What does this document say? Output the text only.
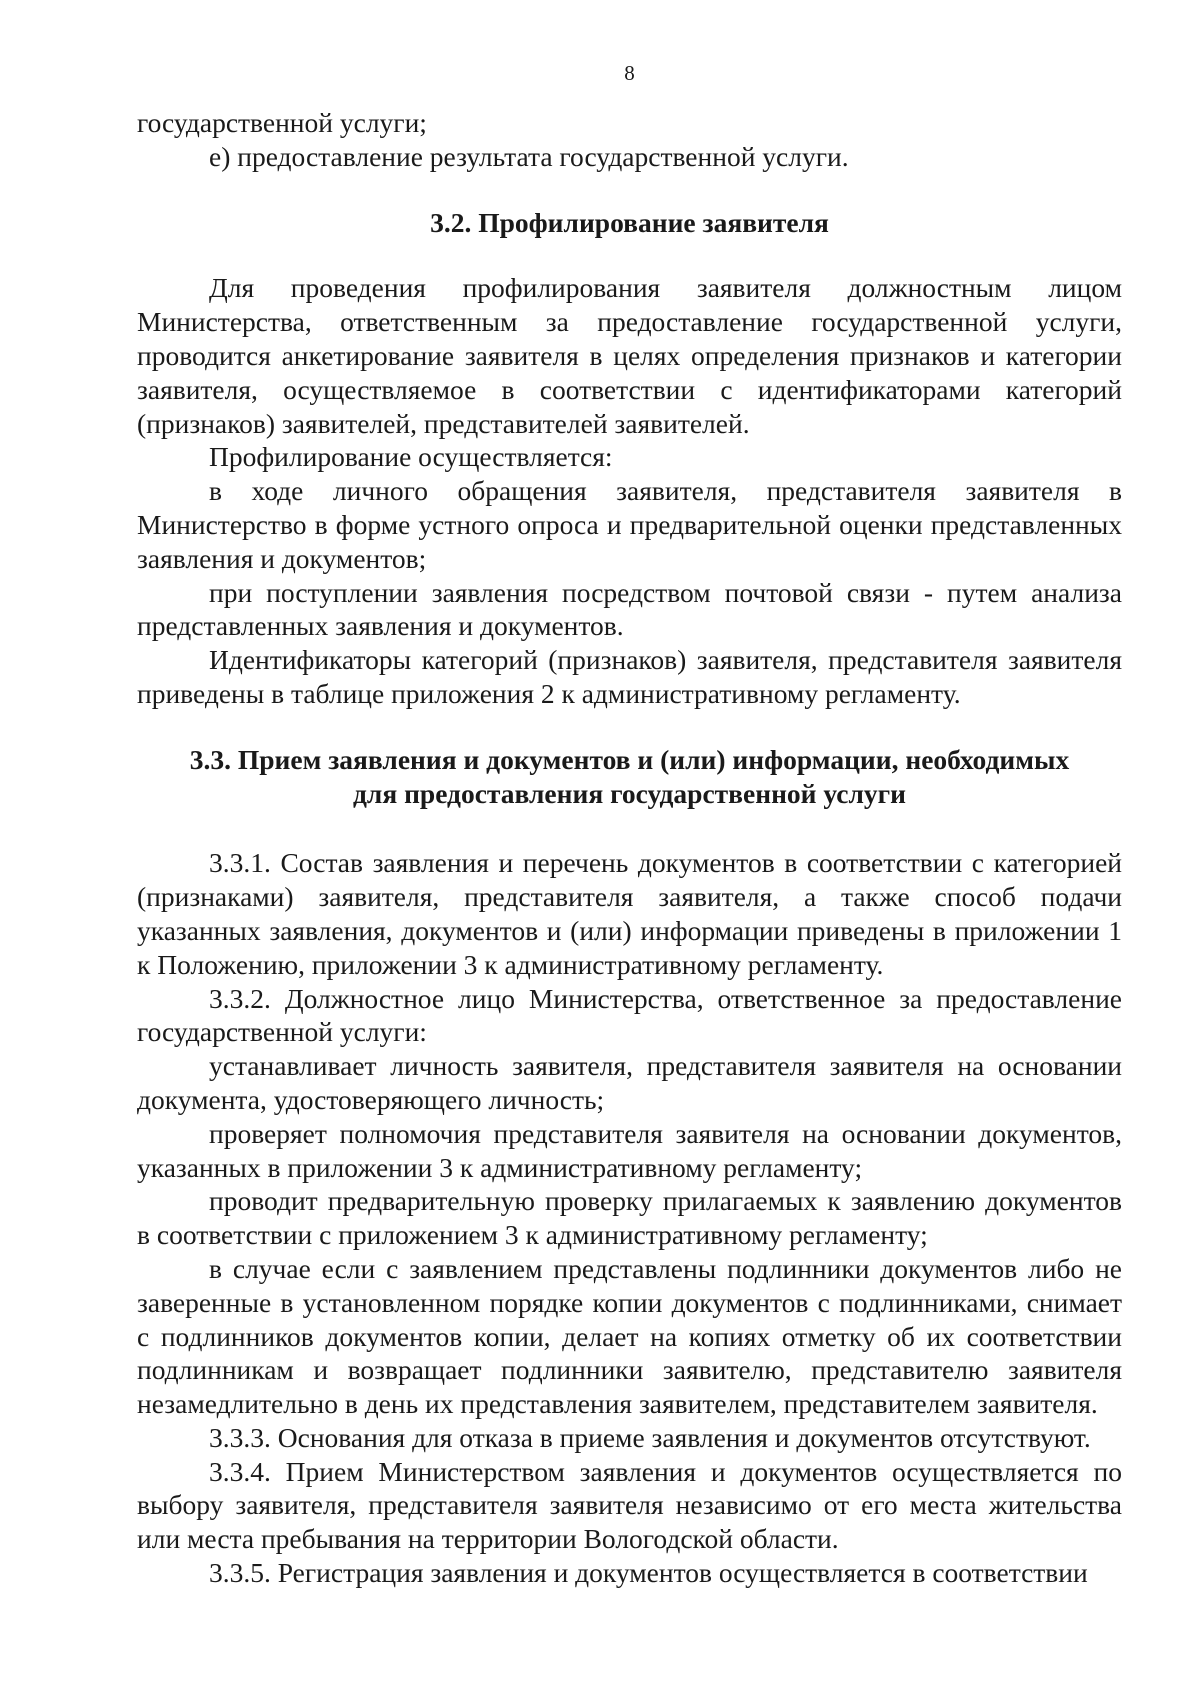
8

государственной услуги;

е) предоставление результата государственной услуги.

3.2. Профилирование заявителя

Для проведения профилирования заявителя должностным лицом Министерства, ответственным за предоставление государственной услуги, проводится анкетирование заявителя в целях определения признаков и категории заявителя, осуществляемое в соответствии с идентификаторами категорий (признаков) заявителей, представителей заявителей.

Профилирование осуществляется:

в ходе личного обращения заявителя, представителя заявителя в Министерство в форме устного опроса и предварительной оценки представленных заявления и документов;

при поступлении заявления посредством почтовой связи - путем анализа представленных заявления и документов.

Идентификаторы категорий (признаков) заявителя, представителя заявителя приведены в таблице приложения 2 к административному регламенту.

3.3. Прием заявления и документов и (или) информации, необходимых
для предоставления государственной услуги

3.3.1. Состав заявления и перечень документов в соответствии с категорией (признаками) заявителя, представителя заявителя, а также способ подачи указанных заявления, документов и (или) информации приведены в приложении 1 к Положению, приложении 3 к административному регламенту.

3.3.2. Должностное лицо Министерства, ответственное за предоставление государственной услуги:

устанавливает личность заявителя, представителя заявителя на основании документа, удостоверяющего личность;

проверяет полномочия представителя заявителя на основании документов, указанных в приложении 3 к административному регламенту;

проводит предварительную проверку прилагаемых к заявлению документов в соответствии с приложением 3 к административному регламенту;

в случае если с заявлением представлены подлинники документов либо не заверенные в установленном порядке копии документов с подлинниками, снимает с подлинников документов копии, делает на копиях отметку об их соответствии подлинникам и возвращает подлинники заявителю, представителю заявителя незамедлительно в день их представления заявителем, представителем заявителя.

3.3.3. Основания для отказа в приеме заявления и документов отсутствуют.

3.3.4. Прием Министерством заявления и документов осуществляется по выбору заявителя, представителя заявителя независимо от его места жительства или места пребывания на территории Вологодской области.

3.3.5. Регистрация заявления и документов осуществляется в соответствии
